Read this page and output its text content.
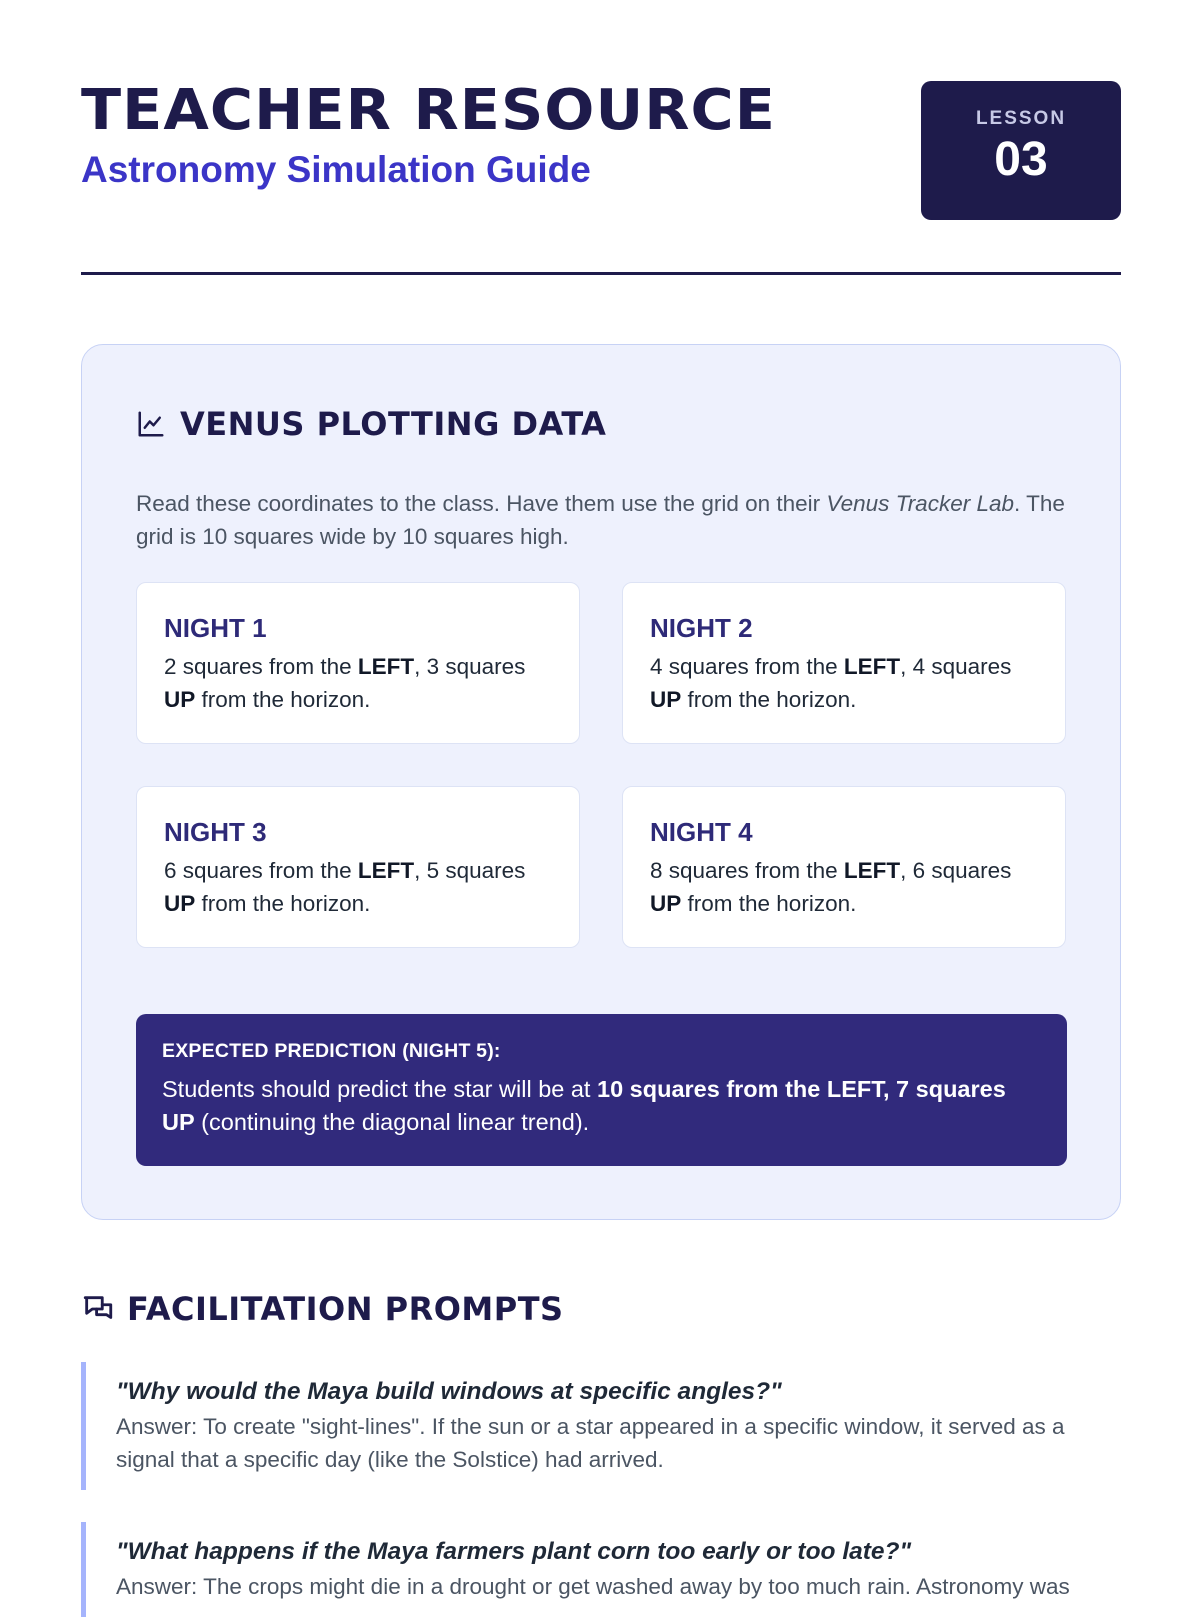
TEACHER RESOURCE
Astronomy Simulation Guide
LESSON
03
VENUS PLOTTING DATA

Read these coordinates to the class. Have them use the grid on their Venus Tracker Lab. The grid is 10 squares wide by 10 squares high.

NIGHT 1

2 squares from the LEFT, 3 squares UP from the horizon.

NIGHT 2

4 squares from the LEFT, 4 squares UP from the horizon.

NIGHT 3

6 squares from the LEFT, 5 squares UP from the horizon.

NIGHT 4

8 squares from the LEFT, 6 squares UP from the horizon.

EXPECTED PREDICTION (NIGHT 5):

Students should predict the star will be at 10 squares from the LEFT, 7 squares UP (continuing the diagonal linear trend).

FACILITATION PROMPTS

"Why would the Maya build windows at specific angles?"

Answer: To create "sight-lines". If the sun or a star appeared in a specific window, it served as a signal that a specific day (like the Solstice) had arrived.

"What happens if the Maya farmers plant corn too early or too late?"

Answer: The crops might die in a drought or get washed away by too much rain. Astronomy was
